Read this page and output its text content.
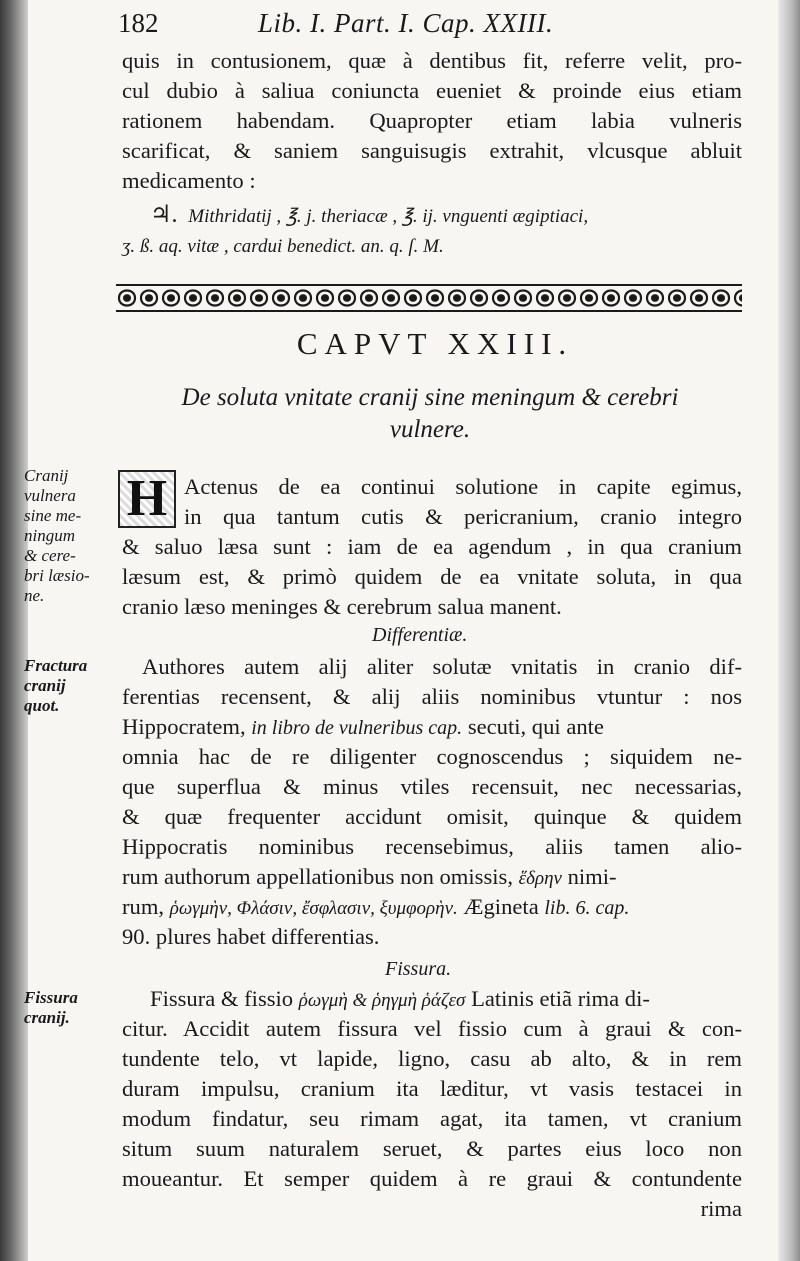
182	Lib. I. Part. I. Cap. XXIII.
quis in contusionem, quæ à dentibus fit, referre velit, pro-
cul dubio à saliua coniuncta eueniet & proinde eius etiam
rationem habendam. Quapropter etiam labia vulneris
scarificat, & saniem sanguisugis extrahit, vlcusque abluit
medicamento :
♃. Mithridatij , ℥. j. theriacæ , ℥. ij. vnguenti ægiptiaci,
ʒ. ß. aq. vitæ , cardui benedict. an. q. ſ. M.
CAPVT XXIII.
De soluta vnitate cranij sine meningum & cerebri
vulnere.
Cranij
vulnera
sine me-
ningum
& cere-
bri læsio-
ne.
H Actenus de ea continui solutione in capite egimus,
in qua tantum cutis & pericranium, cranio integro
& saluo læsa sunt : iam de ea agendum , in qua cranium
læsum est, & primò quidem de ea vnitate soluta, in qua
cranio læso meninges & cerebrum salua manent.
Differentiæ.
Fractura
cranij
quot.
Authores autem alij aliter solutæ vnitatis in cranio dif-
ferentias recensent, & alij aliis nominibus vtuntur : nos
Hippocratem, in libro de vulneribus cap. secuti, qui ante
omnia hac de re diligenter cognoscendus ; siquidem ne-
que superflua & minus vtiles recensuit, nec necessarias,
& quæ frequenter accidunt omisit, quinque & quidem
Hippocratis nominibus recensebimus, aliis tamen alio-
rum authorum appellationibus non omissis, ἕδρην nimi-
rum, ῥωγμὴν, Φλάσιν, ἔσφλασιν, ξυμφορὴν. Ægineta lib. 6. cap.
90. plures habet differentias.
Fissura.
Fissura
cranij.
Fissura & fissio ῥωγμὴ & ῥηγμὴ ῥάζεσ Latinis etiã rima di-
citur. Accidit autem fissura vel fissio cum à graui & con-
tundente telo, vt lapide, ligno, casu ab alto, & in rem
duram impulsu, cranium ita læditur, vt vasis testacei in
modum findatur, seu rimam agat, ita tamen, vt cranium
situm suum naturalem seruet, & partes eius loco non
moueantur. Et semper quidem à re graui & contundente
rima
